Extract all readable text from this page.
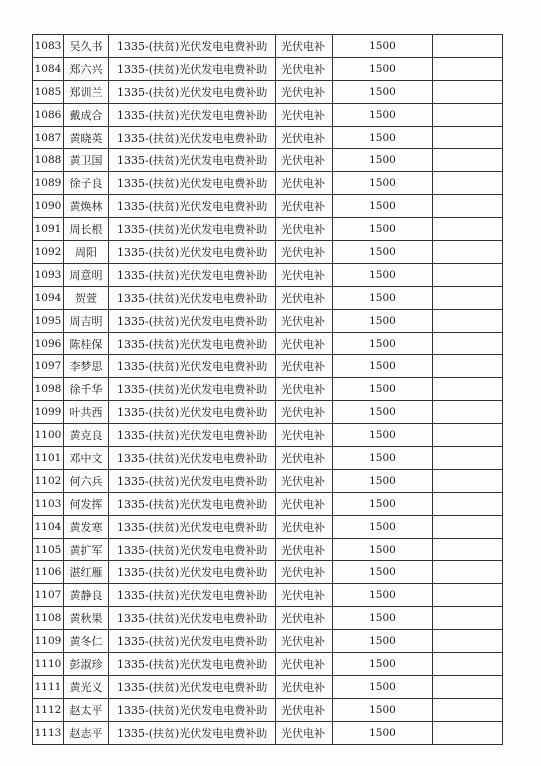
1083	吴久书	1335-(扶贫)光伏发电电费补助	光伏电补	1500	
1084	郑六兴	1335-(扶贫)光伏发电电费补助	光伏电补	1500	
1085	郑训兰	1335-(扶贫)光伏发电电费补助	光伏电补	1500	
1086	戴成合	1335-(扶贫)光伏发电电费补助	光伏电补	1500	
1087	黄晓英	1335-(扶贫)光伏发电电费补助	光伏电补	1500	
1088	黄卫国	1335-(扶贫)光伏发电电费补助	光伏电补	1500	
1089	徐子良	1335-(扶贫)光伏发电电费补助	光伏电补	1500	
1090	黄焕林	1335-(扶贫)光伏发电电费补助	光伏电补	1500	
1091	周长根	1335-(扶贫)光伏发电电费补助	光伏电补	1500	
1092	周阳	1335-(扶贫)光伏发电电费补助	光伏电补	1500	
1093	周意明	1335-(扶贫)光伏发电电费补助	光伏电补	1500	
1094	贺萱	1335-(扶贫)光伏发电电费补助	光伏电补	1500	
1095	周吉明	1335-(扶贫)光伏发电电费补助	光伏电补	1500	
1096	陈桂保	1335-(扶贫)光伏发电电费补助	光伏电补	1500	
1097	李梦思	1335-(扶贫)光伏发电电费补助	光伏电补	1500	
1098	徐千华	1335-(扶贫)光伏发电电费补助	光伏电补	1500	
1099	叶共西	1335-(扶贫)光伏发电电费补助	光伏电补	1500	
1100	黄克良	1335-(扶贫)光伏发电电费补助	光伏电补	1500	
1101	邓中文	1335-(扶贫)光伏发电电费补助	光伏电补	1500	
1102	何六兵	1335-(扶贫)光伏发电电费补助	光伏电补	1500	
1103	何发挥	1335-(扶贫)光伏发电电费补助	光伏电补	1500	
1104	黄发寒	1335-(扶贫)光伏发电电费补助	光伏电补	1500	
1105	黄扩军	1335-(扶贫)光伏发电电费补助	光伏电补	1500	
1106	湛红雁	1335-(扶贫)光伏发电电费补助	光伏电补	1500	
1107	黄静良	1335-(扶贫)光伏发电电费补助	光伏电补	1500	
1108	黄秋果	1335-(扶贫)光伏发电电费补助	光伏电补	1500	
1109	黄冬仁	1335-(扶贫)光伏发电电费补助	光伏电补	1500	
1110	彭淑珍	1335-(扶贫)光伏发电电费补助	光伏电补	1500	
1111	黄光义	1335-(扶贫)光伏发电电费补助	光伏电补	1500	
1112	赵太平	1335-(扶贫)光伏发电电费补助	光伏电补	1500	
1113	赵志平	1335-(扶贫)光伏发电电费补助	光伏电补	1500	
